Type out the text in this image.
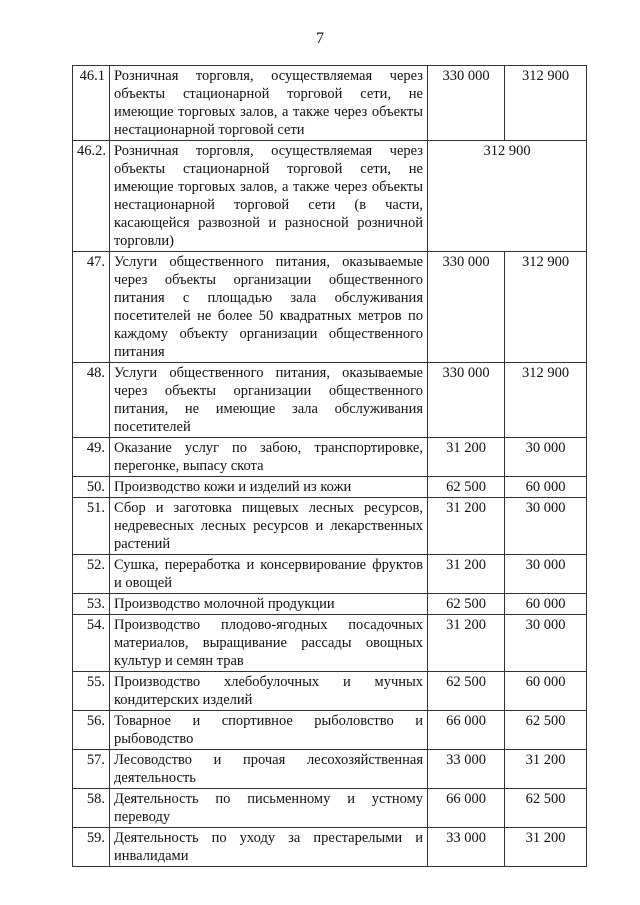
7
46.1	Розничная торговля, осуществляемая через объекты стационарной торговой сети, не имеющие торговых залов, а также через объекты нестационарной торговой сети	330 000	312 900
46.2.	Розничная торговля, осуществляемая через объекты стационарной торговой сети, не имеющие торговых залов, а также через объекты нестационарной торговой сети (в части, касающейся развозной и разносной розничной торговли)	312 900	
47.	Услуги общественного питания, оказываемые через объекты организации общественного питания с площадью зала обслуживания посетителей не более 50 квадратных метров по каждому объекту организации общественного питания	330 000	312 900
48.	Услуги общественного питания, оказываемые через объекты организации общественного питания, не имеющие зала обслуживания посетителей	330 000	312 900
49.	Оказание услуг по забою, транспортировке, перегонке, выпасу скота	31 200	30 000
50.	Производство кожи и изделий из кожи	62 500	60 000
51.	Сбор и заготовка пищевых лесных ресурсов, недревесных лесных ресурсов и лекарственных растений	31 200	30 000
52.	Сушка, переработка и консервирование фруктов и овощей	31 200	30 000
53.	Производство молочной продукции	62 500	60 000
54.	Производство плодово-ягодных посадочных материалов, выращивание рассады овощных культур и семян трав	31 200	30 000
55.	Производство хлебобулочных и мучных кондитерских изделий	62 500	60 000
56.	Товарное и спортивное рыболовство и рыбоводство	66 000	62 500
57.	Лесоводство и прочая лесохозяйственная деятельность	33 000	31 200
58.	Деятельность по письменному и устному переводу	66 000	62 500
59.	Деятельность по уходу за престарелыми и инвалидами	33 000	31 200
